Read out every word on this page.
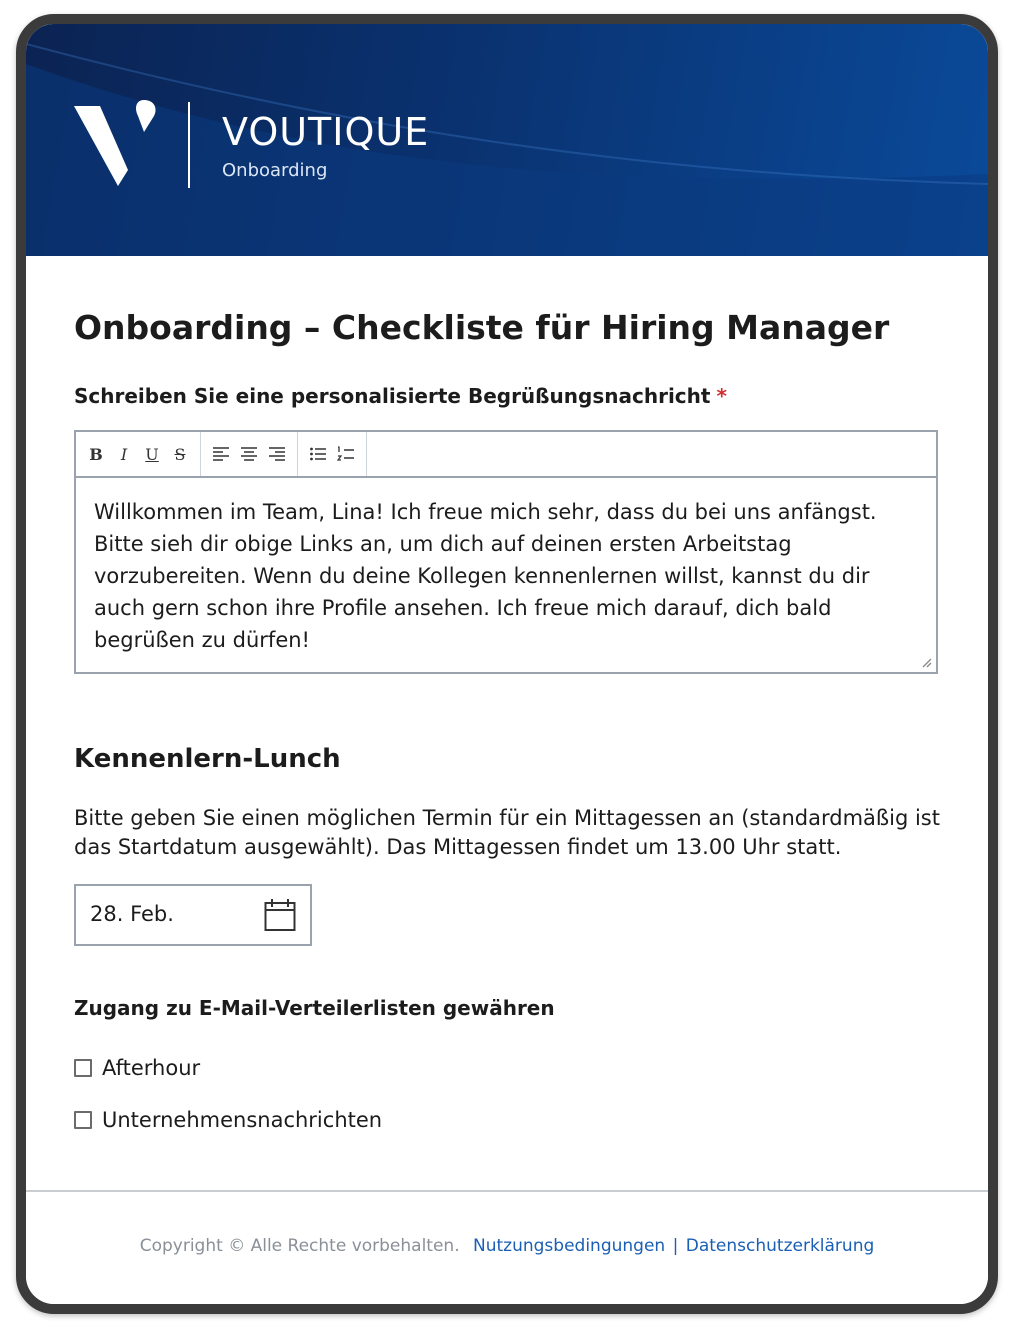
VOUTIQUE
Onboarding
Onboarding – Checkliste für Hiring Manager
Schreiben Sie eine personalisierte Begrüßungsnachricht *
B	I	U S
Willkommen im Team, Lina! Ich freue mich sehr, dass du bei uns anfängst. Bitte sieh dir obige Links an, um dich auf deinen ersten Arbeitstag vorzubereiten. Wenn du deine Kollegen kennenlernen willst, kannst du dir auch gern schon ihre Profile ansehen. Ich freue mich darauf, dich bald begrüßen zu dürfen!
Kennenlern-Lunch
Bitte geben Sie einen möglichen Termin für ein Mittagessen an (standardmäßig ist das Startdatum ausgewählt). Das Mittagessen findet um 13.00 Uhr statt.
28. Feb.
Zugang zu E-Mail-Verteilerlisten gewähren
Afterhour
Unternehmensnachrichten
Copyright © Alle Rechte vorbehalten. Nutzungsbedingungen | Datenschutzerklärung
